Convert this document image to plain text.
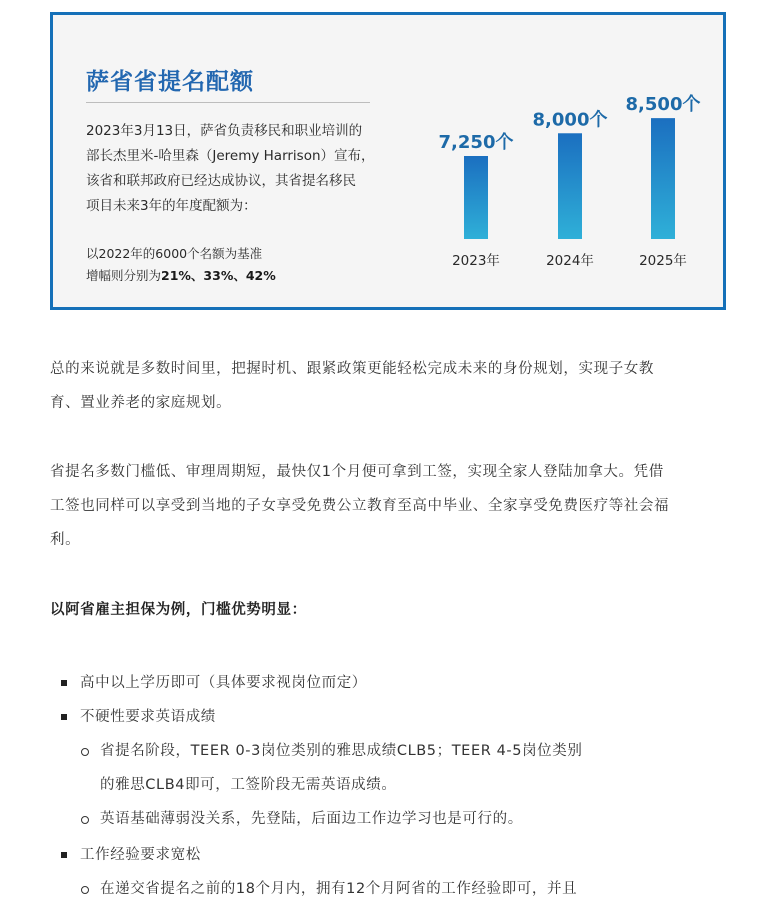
萨省省提名配额
2023年3月13日，萨省负责移民和职业培训的
部长杰里米-哈里森（Jeremy Harrison）宣布，
该省和联邦政府已经达成协议，其省提名移民
项目未来3年的年度配额为：
以2022年的6000个名额为基准
增幅则分别为21%、33%、42%
7,250个
2023年
8,000个
2024年
8,500个
2025年
总的来说就是多数时间里，把握时机、跟紧政策更能轻松完成未来的身份规划，实现子女教
育、置业养老的家庭规划。
省提名多数门槛低、审理周期短，最快仅1个月便可拿到工签，实现全家人登陆加拿大。凭借
工签也同样可以享受到当地的子女享受免费公立教育至高中毕业、全家享受免费医疗等社会福
利。
以阿省雇主担保为例，门槛优势明显：
高中以上学历即可（具体要求视岗位而定）
不硬性要求英语成绩
省提名阶段，TEER 0-3岗位类别的雅思成绩CLB5；TEER 4-5岗位类别
的雅思CLB4即可，工签阶段无需英语成绩。
英语基础薄弱没关系，先登陆，后面边工作边学习也是可行的。
工作经验要求宽松
在递交省提名之前的18个月内，拥有12个月阿省的工作经验即可，并且
